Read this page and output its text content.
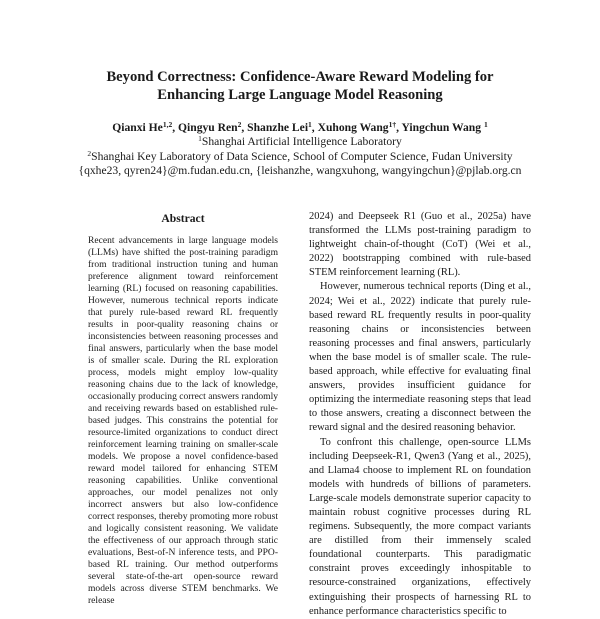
Beyond Correctness: Confidence-Aware Reward Modeling for
Enhancing Large Language Model Reasoning
Qianxi He$^{1,2}$, Qingyu Ren$^2$, Shanzhe Lei$^1$, Xuhong Wang$^{1\dagger}$, Yingchun Wang $^1$
$^1$Shanghai Artificial Intelligence Laboratory
$^2$Shanghai Key Laboratory of Data Science, School of Computer Science, Fudan University
{qxhe23, qyren24}@m.fudan.edu.cn, {leishanzhe, wangxuhong, wangyingchun}@pjlab.org.cn
Abstract
Recent advancements in large language models (LLMs) have shifted the post-training paradigm from traditional instruction tuning and human preference alignment toward reinforcement learning (RL) focused on reasoning capabilities. However, numerous technical reports indicate that purely rule-based reward RL frequently results in poor-quality reasoning chains or inconsistencies between reasoning processes and final answers, particularly when the base model is of smaller scale. During the RL exploration process, models might employ low-quality reasoning chains due to the lack of knowledge, occasionally producing correct answers randomly and receiving rewards based on established rule-based judges. This constrains the potential for resource-limited organizations to conduct direct reinforcement learning training on smaller-scale models. We propose a novel confidence-based reward model tailored for enhancing STEM reasoning capabilities. Unlike conventional approaches, our model penalizes not only incorrect answers but also low-confidence correct responses, thereby promoting more robust and logically consistent reasoning. We validate the effectiveness of our approach through static evaluations, Best-of-N inference tests, and PPO-based RL training. Our method outperforms several state-of-the-art open-source reward models across diverse STEM benchmarks. We release

2024) and Deepseek R1 (Guo et al., 2025a) have transformed the LLMs post-training paradigm to lightweight chain-of-thought (CoT) (Wei et al., 2022) bootstrapping combined with rule-based STEM reinforcement learning (RL).

However, numerous technical reports (Ding et al., 2024; Wei et al., 2022) indicate that purely rule-based reward RL frequently results in poor-quality reasoning chains or inconsistencies between reasoning processes and final answers, particularly when the base model is of smaller scale. The rule-based approach, while effective for evaluating final answers, provides insufficient guidance for optimizing the intermediate reasoning steps that lead to those answers, creating a disconnect between the reward signal and the desired reasoning behavior.

To confront this challenge, open-source LLMs including Deepseek-R1, Qwen3 (Yang et al., 2025), and Llama4 choose to implement RL on foundation models with hundreds of billions of parameters. Large-scale models demonstrate superior capacity to maintain robust cognitive processes during RL regimens. Subsequently, the more compact variants are distilled from their immensely scaled foundational counterparts. This paradigmatic constraint proves exceedingly inhospitable to resource-constrained organizations, effectively extinguishing their prospects of harnessing RL to enhance performance characteristics specific to
